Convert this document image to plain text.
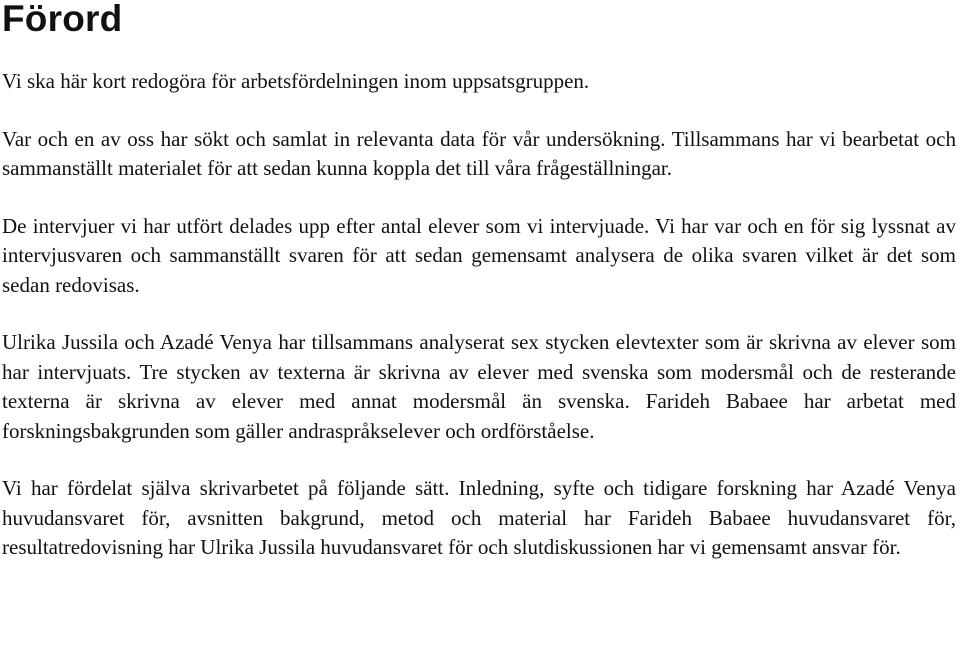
Förord

Vi ska här kort redogöra för arbetsfördelningen inom uppsatsgruppen.

Var och en av oss har sökt och samlat in relevanta data för vår undersökning. Tillsammans har vi bearbetat och sammanställt materialet för att sedan kunna koppla det till våra frågeställningar.

De intervjuer vi har utfört delades upp efter antal elever som vi intervjuade. Vi har var och en för sig lyssnat av intervjusvaren och sammanställt svaren för att sedan gemensamt analysera de olika svaren vilket är det som sedan redovisas.

Ulrika Jussila och Azadé Venya har tillsammans analyserat sex stycken elevtexter som är skrivna av elever som har intervjuats. Tre stycken av texterna är skrivna av elever med svenska som modersmål och de resterande texterna är skrivna av elever med annat modersmål än svenska. Farideh Babaee har arbetat med forskningsbakgrunden som gäller andraspråkselever och ordförståelse.

Vi har fördelat själva skrivarbetet på följande sätt. Inledning, syfte och tidigare forskning har Azadé Venya huvudansvaret för, avsnitten bakgrund, metod och material har Farideh Babaee huvudansvaret för, resultatredovisning har Ulrika Jussila huvudansvaret för och slutdiskussionen har vi gemensamt ansvar för.
